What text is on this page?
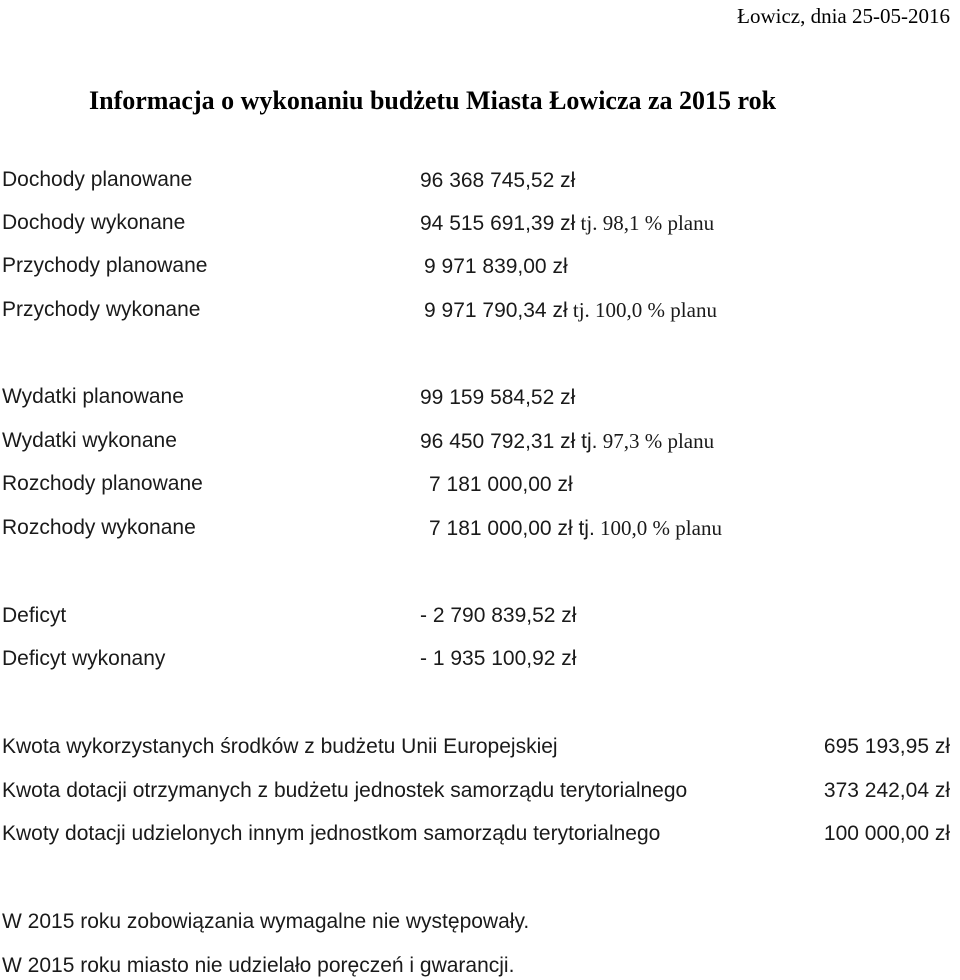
Łowicz, dnia 25-05-2016
Informacja o wykonaniu budżetu Miasta Łowicza za 2015 rok
Dochody planowane	96 368 745,52 zł
Dochody wykonane	94 515 691,39 zł tj. 98,1 % planu
Przychody planowane	9 971 839,00 zł
Przychody wykonane	9 971 790,34 zł tj. 100,0 % planu
Wydatki planowane	99 159 584,52 zł
Wydatki wykonane	96 450 792,31 zł tj. 97,3 % planu
Rozchody planowane	7 181 000,00 zł
Rozchody wykonane	7 181 000,00 zł tj. 100,0 % planu
Deficyt	- 2 790 839,52 zł
Deficyt wykonany	- 1 935 100,92 zł
Kwota wykorzystanych środków z budżetu Unii Europejskiej	695 193,95 zł
Kwota dotacji otrzymanych z budżetu jednostek samorządu terytorialnego	373 242,04 zł
Kwoty dotacji udzielonych innym jednostkom samorządu terytorialnego	100 000,00 zł
W 2015 roku zobowiązania wymagalne nie występowały.
W 2015 roku miasto nie udzielało poręczeń i gwarancji.
